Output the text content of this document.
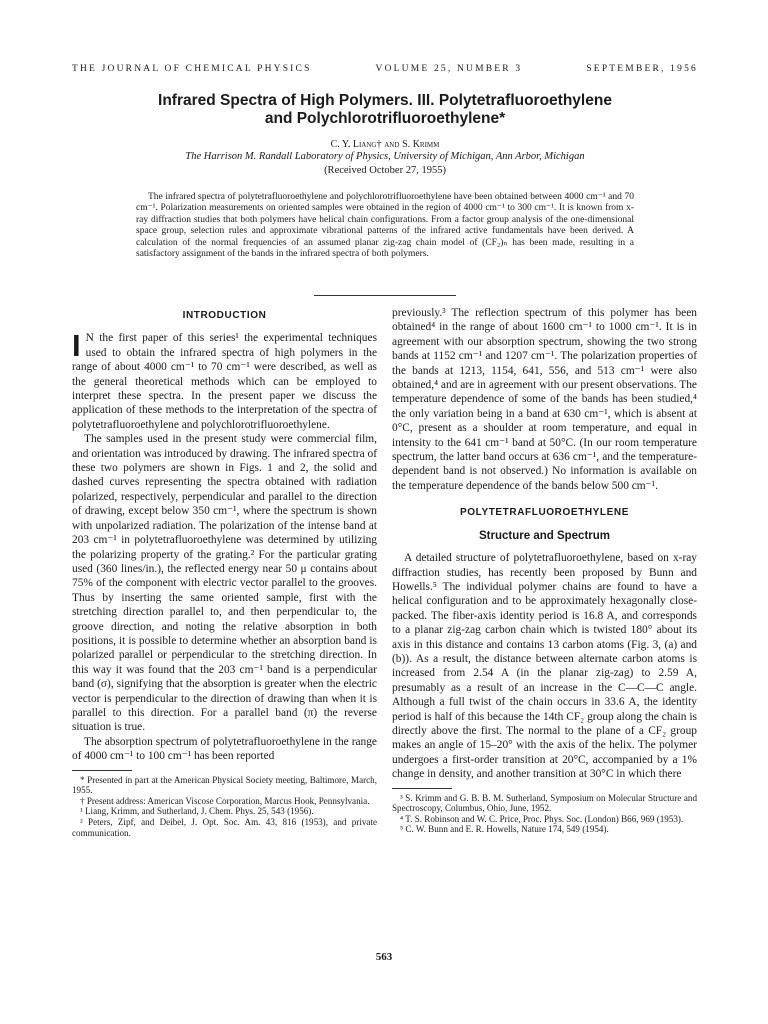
THE JOURNAL OF CHEMICAL PHYSICS	VOLUME 25, NUMBER 3	SEPTEMBER, 1956
Infrared Spectra of High Polymers. III. Polytetrafluoroethylene
and Polychlorotrifluoroethylene*
C. Y. Liang† and S. Krimm
The Harrison M. Randall Laboratory of Physics, University of Michigan, Ann Arbor, Michigan
(Received October 27, 1955)
The infrared spectra of polytetrafluoroethylene and polychlorotrifluoroethylene have been obtained between 4000 cm⁻¹ and 70 cm⁻¹. Polarization measurements on oriented samples were obtained in the region of 4000 cm⁻¹ to 300 cm⁻¹. It is known from x-ray diffraction studies that both polymers have helical chain configurations. From a factor group analysis of the one-dimensional space group, selection rules and approximate vibrational patterns of the infrared active fundamentals have been derived. A calculation of the normal frequencies of an assumed planar zig-zag chain model of (CF₂)ₙ has been made, resulting in a satisfactory assignment of the bands in the infrared spectra of both polymers.
INTRODUCTION

I N the first paper of this series¹ the experimental techniques used to obtain the infrared spectra of high polymers in the range of about 4000 cm⁻¹ to 70 cm⁻¹ were described, as well as the general theoretical methods which can be employed to interpret these spectra. In the present paper we discuss the application of these methods to the interpretation of the spectra of polytetrafluoroethylene and polychlorotrifluoroethylene.

The samples used in the present study were commercial film, and orientation was introduced by drawing. The infrared spectra of these two polymers are shown in Figs. 1 and 2, the solid and dashed curves representing the spectra obtained with radiation polarized, respectively, perpendicular and parallel to the direction of drawing, except below 350 cm⁻¹, where the spectrum is shown with unpolarized radiation. The polarization of the intense band at 203 cm⁻¹ in polytetrafluoroethylene was determined by utilizing the polarizing property of the grating.² For the particular grating used (360 lines/in.), the reflected energy near 50 μ contains about 75% of the component with electric vector parallel to the grooves. Thus by inserting the same oriented sample, first with the stretching direction parallel to, and then perpendicular to, the groove direction, and noting the relative absorption in both positions, it is possible to determine whether an absorption band is polarized parallel or perpendicular to the stretching direction. In this way it was found that the 203 cm⁻¹ band is a perpendicular band (σ), signifying that the absorption is greater when the electric vector is perpendicular to the direction of drawing than when it is parallel to this direction. For a parallel band (π) the reverse situation is true.

The absorption spectrum of polytetrafluoroethylene in the range of 4000 cm⁻¹ to 100 cm⁻¹ has been reported

* Presented in part at the American Physical Society meeting, Baltimore, March, 1955.

† Present address: American Viscose Corporation, Marcus Hook, Pennsylvania.

¹ Liang, Krimm, and Sutherland, J. Chem. Phys. 25, 543 (1956).

² Peters, Zipf, and Deibel, J. Opt. Soc. Am. 43, 816 (1953), and private communication.

previously.³ The reflection spectrum of this polymer has been obtained⁴ in the range of about 1600 cm⁻¹ to 1000 cm⁻¹. It is in agreement with our absorption spectrum, showing the two strong bands at 1152 cm⁻¹ and 1207 cm⁻¹. The polarization properties of the bands at 1213, 1154, 641, 556, and 513 cm⁻¹ were also obtained,⁴ and are in agreement with our present observations. The temperature dependence of some of the bands has been studied,⁴ the only variation being in a band at 630 cm⁻¹, which is absent at 0°C, present as a shoulder at room temperature, and equal in intensity to the 641 cm⁻¹ band at 50°C. (In our room temperature spectrum, the latter band occurs at 636 cm⁻¹, and the temperature-dependent band is not observed.) No information is available on the temperature dependence of the bands below 500 cm⁻¹.

POLYTETRAFLUOROETHYLENE
Structure and Spectrum

A detailed structure of polytetrafluoroethylene, based on x-ray diffraction studies, has recently been proposed by Bunn and Howells.⁵ The individual polymer chains are found to have a helical configuration and to be approximately hexagonally close-packed. The fiber-axis identity period is 16.8 A, and corresponds to a planar zig-zag carbon chain which is twisted 180° about its axis in this distance and contains 13 carbon atoms (Fig. 3, (a) and (b)). As a result, the distance between alternate carbon atoms is increased from 2.54 A (in the planar zig-zag) to 2.59 A, presumably as a result of an increase in the C—C—C angle. Although a full twist of the chain occurs in 33.6 A, the identity period is half of this because the 14th CF₂ group along the chain is directly above the first. The normal to the plane of a CF₂ group makes an angle of 15–20° with the axis of the helix. The polymer undergoes a first-order transition at 20°C, accompanied by a 1% change in density, and another transition at 30°C in which there

³ S. Krimm and G. B. B. M. Sutherland, Symposium on Molecular Structure and Spectroscopy, Columbus, Ohio, June, 1952.

⁴ T. S. Robinson and W. C. Price, Proc. Phys. Soc. (London) B66, 969 (1953).

⁵ C. W. Bunn and E. R. Howells, Nature 174, 549 (1954).

563
